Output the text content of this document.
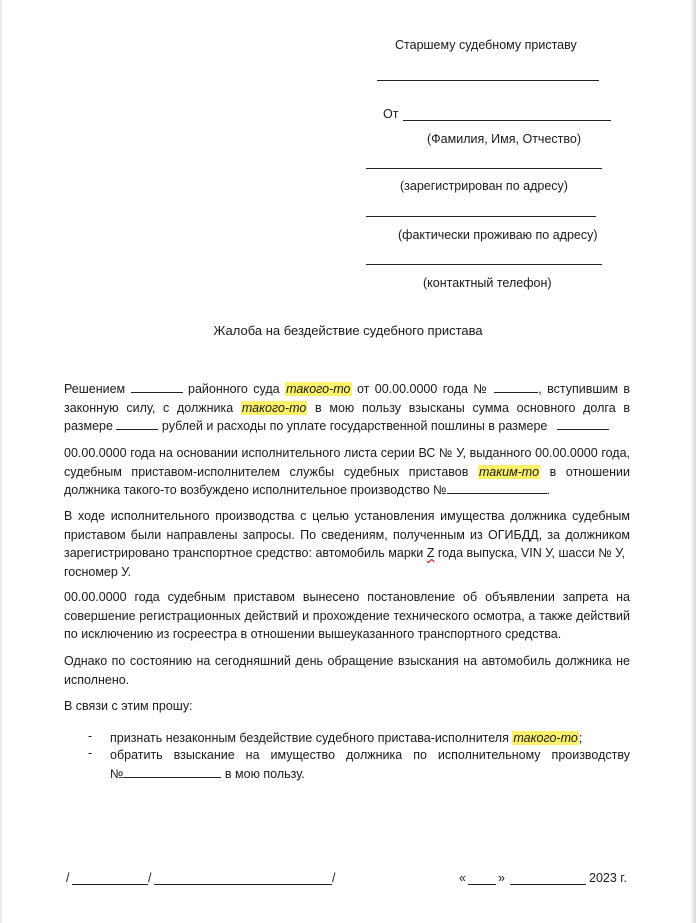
Старшему судебному приставу
От
(Фамилия, Имя, Отчество)
(зарегистрирован по адресу)
(фактически проживаю по адресу)
(контактный телефон)
Жалоба на бездействие судебного пристава
Решением	районного суда такого-то от 00.00.0000 года №	, вступившим в
законную силу, с должника такого-то в мою пользу взысканы сумма основного долга в
размере	рублей и расходы по уплате государственной пошлины в размере
00.00.0000 года на основании исполнительного листа серии ВС № У, выданного 00.00.0000 года,
судебным приставом-исполнителем службы судебных приставов таким-то в отношении
должника такого-то возбуждено исполнительное производство №	.
В ходе исполнительного производства с целью установления имущества должника судебным
приставом были направлены запросы. По сведениям, полученным из ОГИБДД, за должником
зарегистрировано транспортное средство: автомобиль марки Z года выпуска, VIN У, шасси № У,
госномер У.
00.00.0000 года судебным приставом вынесено постановление об объявлении запрета на
совершение регистрационных действий и прохождение технического осмотра, а также действий
по исключению из госреестра в отношении вышеуказанного транспортного средства.
Однако по состоянию на сегодняшний день обращение взыскания на автомобиль должника не
исполнено.
В связи с этим прошу:
- признать незаконным бездействие судебного пристава-исполнителя такого-то;
- обратить взыскание на имущество должника по исполнительному производству
№	в мою пользу.
/	/	/	«	»	2023 г.
